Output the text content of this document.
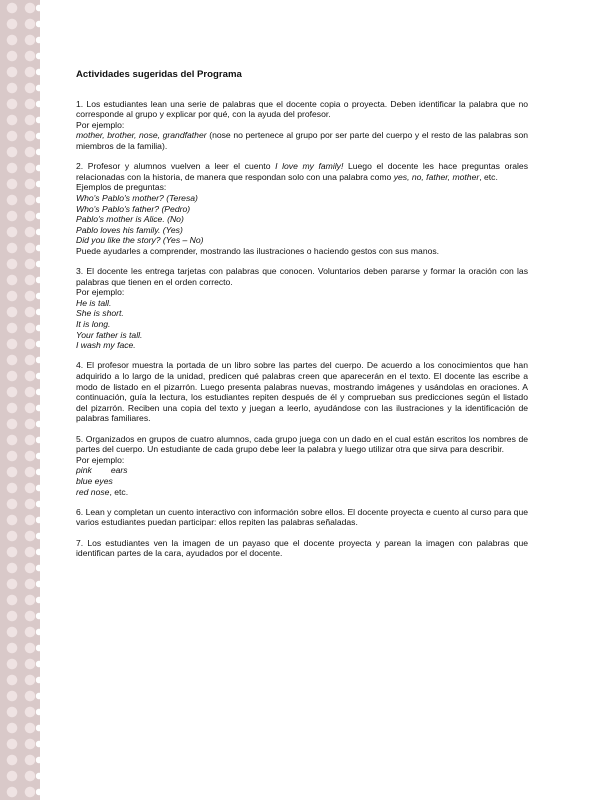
Actividades sugeridas del Programa

1. Los estudiantes lean una serie de palabras que el docente copia o proyecta. Deben identificar la palabra que no corresponde al grupo y explicar por qué, con la ayuda del profesor.

Por ejemplo:

mother, brother, nose, grandfather (nose no pertenece al grupo por ser parte del cuerpo y el resto de las palabras son miembros de la familia).

2. Profesor y alumnos vuelven a leer el cuento I love my family! Luego el docente les hace preguntas orales relacionadas con la historia, de manera que respondan solo con una palabra como yes, no, father, mother, etc.

Ejemplos de preguntas:

Who's Pablo's mother? (Teresa)

Who's Pablo's father? (Pedro)

Pablo's mother is Alice. (No)

Pablo loves his family. (Yes)

Did you like the story? (Yes – No)

Puede ayudarles a comprender, mostrando las ilustraciones o haciendo gestos con sus manos.

3. El docente les entrega tarjetas con palabras que conocen. Voluntarios deben pararse y formar la oración con las palabras que tienen en el orden correcto.

Por ejemplo:

He is tall.

She is short.

It is long.

Your father is tall.

I wash my face.

4. El profesor muestra la portada de un libro sobre las partes del cuerpo. De acuerdo a los conocimientos que han adquirido a lo largo de la unidad, predicen qué palabras creen que aparecerán en el texto. El docente las escribe a modo de listado en el pizarrón. Luego presenta palabras nuevas, mostrando imágenes y usándolas en oraciones. A continuación, guía la lectura, los estudiantes repiten después de él y comprueban sus predicciones según el listado del pizarrón. Reciben una copia del texto y juegan a leerlo, ayudándose con las ilustraciones y la identificación de palabras familiares.

5. Organizados en grupos de cuatro alumnos, cada grupo juega con un dado en el cual están escritos los nombres de partes del cuerpo. Un estudiante de cada grupo debe leer la palabra y luego utilizar otra que sirva para describir.

Por ejemplo:

pink        ears

blue eyes

red nose, etc.

6. Lean y completan un cuento interactivo con información sobre ellos. El docente proyecta e cuento al curso para que varios estudiantes puedan participar: ellos repiten las palabras señaladas.

7. Los estudiantes ven la imagen de un payaso que el docente proyecta y parean la imagen con palabras que identifican partes de la cara, ayudados por el docente.
